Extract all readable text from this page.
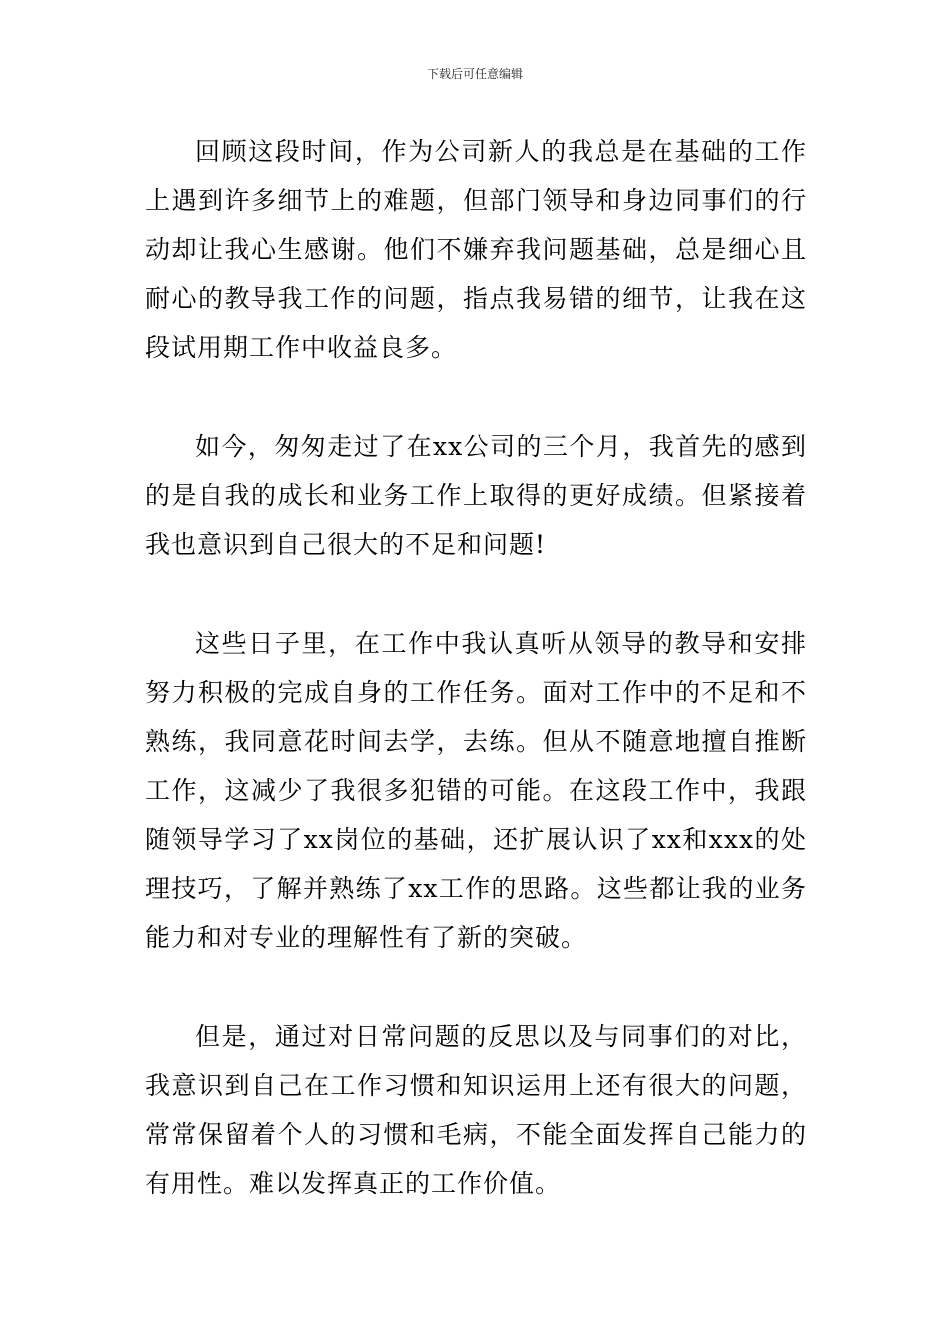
下载后可任意编辑

回顾这段时间，作为公司新人的我总是在基础的工作上遇到许多细节上的难题，但部门领导和身边同事们的行动却让我心生感谢。他们不嫌弃我问题基础，总是细心且耐心的教导我工作的问题，指点我易错的细节，让我在这段试用期工作中收益良多。

如今，匆匆走过了在xx公司的三个月，我首先的感到的是自我的成长和业务工作上取得的更好成绩。但紧接着我也意识到自己很大的不足和问题!

这些日子里，在工作中我认真听从领导的教导和安排努力积极的完成自身的工作任务。面对工作中的不足和不熟练，我同意花时间去学，去练。但从不随意地擅自推断工作，这减少了我很多犯错的可能。在这段工作中，我跟随领导学习了xx岗位的基础，还扩展认识了xx和xxx的处理技巧，了解并熟练了xx工作的思路。这些都让我的业务能力和对专业的理解性有了新的突破。

但是，通过对日常问题的反思以及与同事们的对比，我意识到自己在工作习惯和知识运用上还有很大的问题，常常保留着个人的习惯和毛病，不能全面发挥自己能力的有用性。难以发挥真正的工作价值。
